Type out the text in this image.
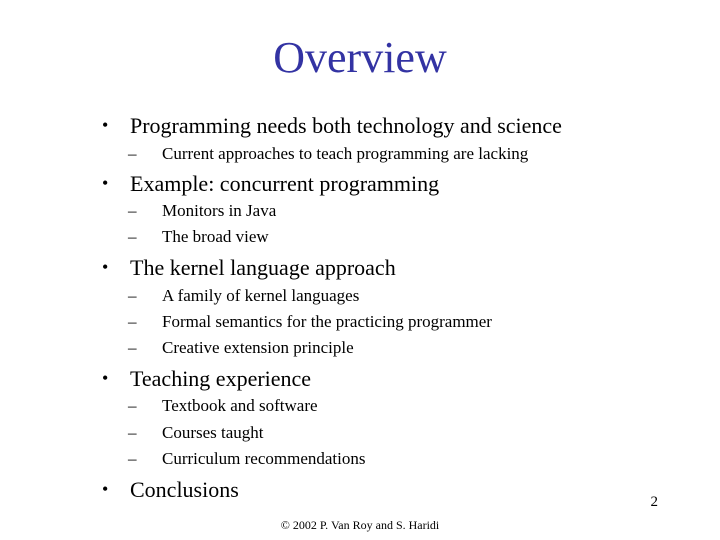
Overview
• Programming needs both technology and science
– Current approaches to teach programming are lacking
• Example: concurrent programming
– Monitors in Java
– The broad view
• The kernel language approach
– A family of kernel languages
– Formal semantics for the practicing programmer
– Creative extension principle
• Teaching experience
– Textbook and software
– Courses taught
– Curriculum recommendations
• Conclusions	2
© 2002 P. Van Roy and S. Haridi
